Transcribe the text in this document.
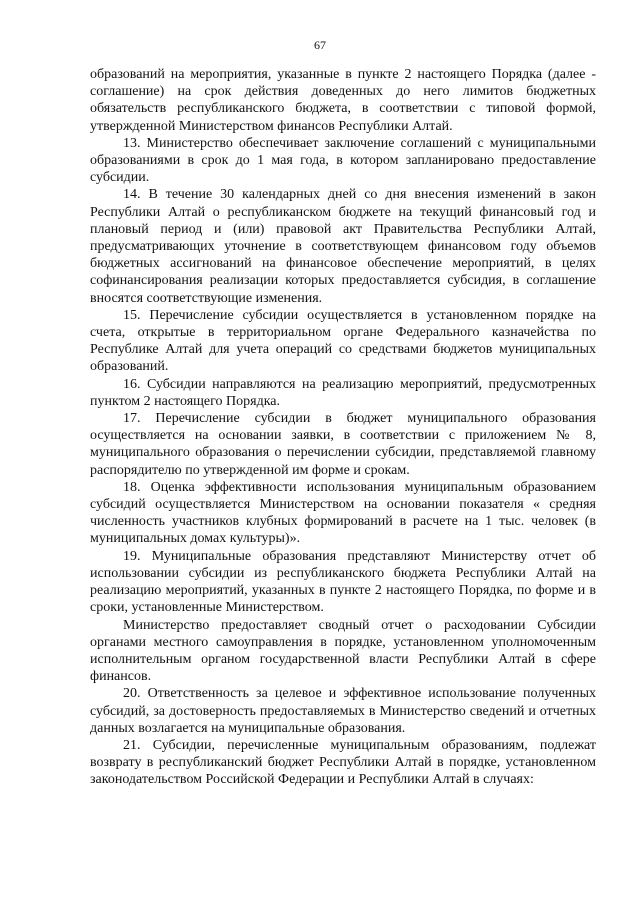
67

образований на мероприятия, указанные в пункте 2 настоящего Порядка (далее - соглашение) на срок действия доведенных до него лимитов бюджетных обязательств республиканского бюджета, в соответствии с типовой формой, утвержденной Министерством финансов Республики Алтай.

13. Министерство обеспечивает заключение соглашений с муниципальными образованиями в срок до 1 мая года, в котором запланировано предоставление субсидии.

14. В течение 30 календарных дней со дня внесения изменений в закон Республики Алтай о республиканском бюджете на текущий финансовый год и плановый период и (или) правовой акт Правительства Республики Алтай, предусматривающих уточнение в соответствующем финансовом году объемов бюджетных ассигнований на финансовое обеспечение мероприятий, в целях софинансирования реализации которых предоставляется субсидия, в соглашение вносятся соответствующие изменения.

15. Перечисление субсидии осуществляется в установленном порядке на счета, открытые в территориальном органе Федерального казначейства по Республике Алтай для учета операций со средствами бюджетов муниципальных образований.

16. Субсидии направляются на реализацию мероприятий, предусмотренных пунктом 2 настоящего Порядка.

17. Перечисление субсидии в бюджет муниципального образования осуществляется на основании заявки, в соответствии с приложением № 8, муниципального образования о перечислении субсидии, представляемой главному распорядителю по утвержденной им форме и срокам.

18. Оценка эффективности использования муниципальным образованием субсидий осуществляется Министерством на основании показателя « средняя численность участников клубных формирований в расчете на 1 тыс. человек (в муниципальных домах культуры)».

19. Муниципальные образования представляют Министерству отчет об использовании субсидии из республиканского бюджета Республики Алтай на реализацию мероприятий, указанных в пункте 2 настоящего Порядка, по форме и в сроки, установленные Министерством.

Министерство предоставляет сводный отчет о расходовании Субсидии органами местного самоуправления в порядке, установленном уполномоченным исполнительным органом государственной власти Республики Алтай в сфере финансов.

20. Ответственность за целевое и эффективное использование полученных субсидий, за достоверность предоставляемых в Министерство сведений и отчетных данных возлагается на муниципальные образования.

21. Субсидии, перечисленные муниципальным образованиям, подлежат возврату в республиканский бюджет Республики Алтай в порядке, установленном законодательством Российской Федерации и Республики Алтай в случаях:
